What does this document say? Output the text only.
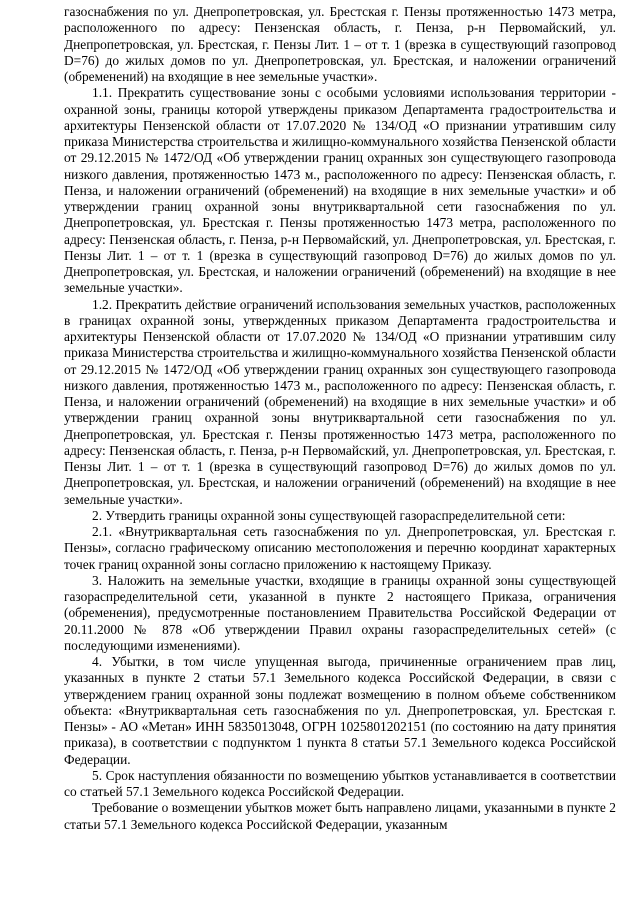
газоснабжения по ул. Днепропетровская, ул. Брестская г. Пензы протяженностью 1473 метра, расположенного по адресу: Пензенская область, г. Пенза, р-н Первомайский, ул. Днепропетровская, ул. Брестская, г. Пензы Лит. 1 – от т. 1 (врезка в существующий газопровод D=76) до жилых домов по ул. Днепропетровская, ул. Брестская, и наложении ограничений (обременений) на входящие в нее земельные участки».

1.1. Прекратить существование зоны с особыми условиями использования территории - охранной зоны, границы которой утверждены приказом Департамента градостроительства и архитектуры Пензенской области от 17.07.2020 № 134/ОД «О признании утратившим силу приказа Министерства строительства и жилищно-коммунального хозяйства Пензенской области от 29.12.2015 № 1472/ОД «Об утверждении границ охранных зон существующего газопровода низкого давления, протяженностью 1473 м., расположенного по адресу: Пензенская область, г. Пенза, и наложении ограничений (обременений) на входящие в них земельные участки» и об утверждении границ охранной зоны внутриквартальной сети газоснабжения по ул. Днепропетровская, ул. Брестская г. Пензы протяженностью 1473 метра, расположенного по адресу: Пензенская область, г. Пенза, р-н Первомайский, ул. Днепропетровская, ул. Брестская, г. Пензы Лит. 1 – от т. 1 (врезка в существующий газопровод D=76) до жилых домов по ул. Днепропетровская, ул. Брестская, и наложении ограничений (обременений) на входящие в нее земельные участки».

1.2. Прекратить действие ограничений использования земельных участков, расположенных в границах охранной зоны, утвержденных приказом Департамента градостроительства и архитектуры Пензенской области от 17.07.2020 № 134/ОД «О признании утратившим силу приказа Министерства строительства и жилищно-коммунального хозяйства Пензенской области от 29.12.2015 № 1472/ОД «Об утверждении границ охранных зон существующего газопровода низкого давления, протяженностью 1473 м., расположенного по адресу: Пензенская область, г. Пенза, и наложении ограничений (обременений) на входящие в них земельные участки» и об утверждении границ охранной зоны внутриквартальной сети газоснабжения по ул. Днепропетровская, ул. Брестская г. Пензы протяженностью 1473 метра, расположенного по адресу: Пензенская область, г. Пенза, р-н Первомайский, ул. Днепропетровская, ул. Брестская, г. Пензы Лит. 1 – от т. 1 (врезка в существующий газопровод D=76) до жилых домов по ул. Днепропетровская, ул. Брестская, и наложении ограничений (обременений) на входящие в нее земельные участки».

2. Утвердить границы охранной зоны существующей газораспределительной сети:

2.1. «Внутриквартальная сеть газоснабжения по ул. Днепропетровская, ул. Брестская г. Пензы», согласно графическому описанию местоположения и перечню координат характерных точек границ охранной зоны согласно приложению к настоящему Приказу.

3. Наложить на земельные участки, входящие в границы охранной зоны существующей газораспределительной сети, указанной в пункте 2 настоящего Приказа, ограничения (обременения), предусмотренные постановлением Правительства Российской Федерации от 20.11.2000 № 878 «Об утверждении Правил охраны газораспределительных сетей» (с последующими изменениями).

4. Убытки, в том числе упущенная выгода, причиненные ограничением прав лиц, указанных в пункте 2 статьи 57.1 Земельного кодекса Российской Федерации, в связи с утверждением границ охранной зоны подлежат возмещению в полном объеме собственником объекта: «Внутриквартальная сеть газоснабжения по ул. Днепропетровская, ул. Брестская г. Пензы» - АО «Метан» ИНН 5835013048, ОГРН 1025801202151 (по состоянию на дату принятия приказа), в соответствии с подпунктом 1 пункта 8 статьи 57.1 Земельного кодекса Российской Федерации.

5. Срок наступления обязанности по возмещению убытков устанавливается в соответствии со статьей 57.1 Земельного кодекса Российской Федерации.

Требование о возмещении убытков может быть направлено лицами, указанными в пункте 2 статьи 57.1 Земельного кодекса Российской Федерации, указанным
